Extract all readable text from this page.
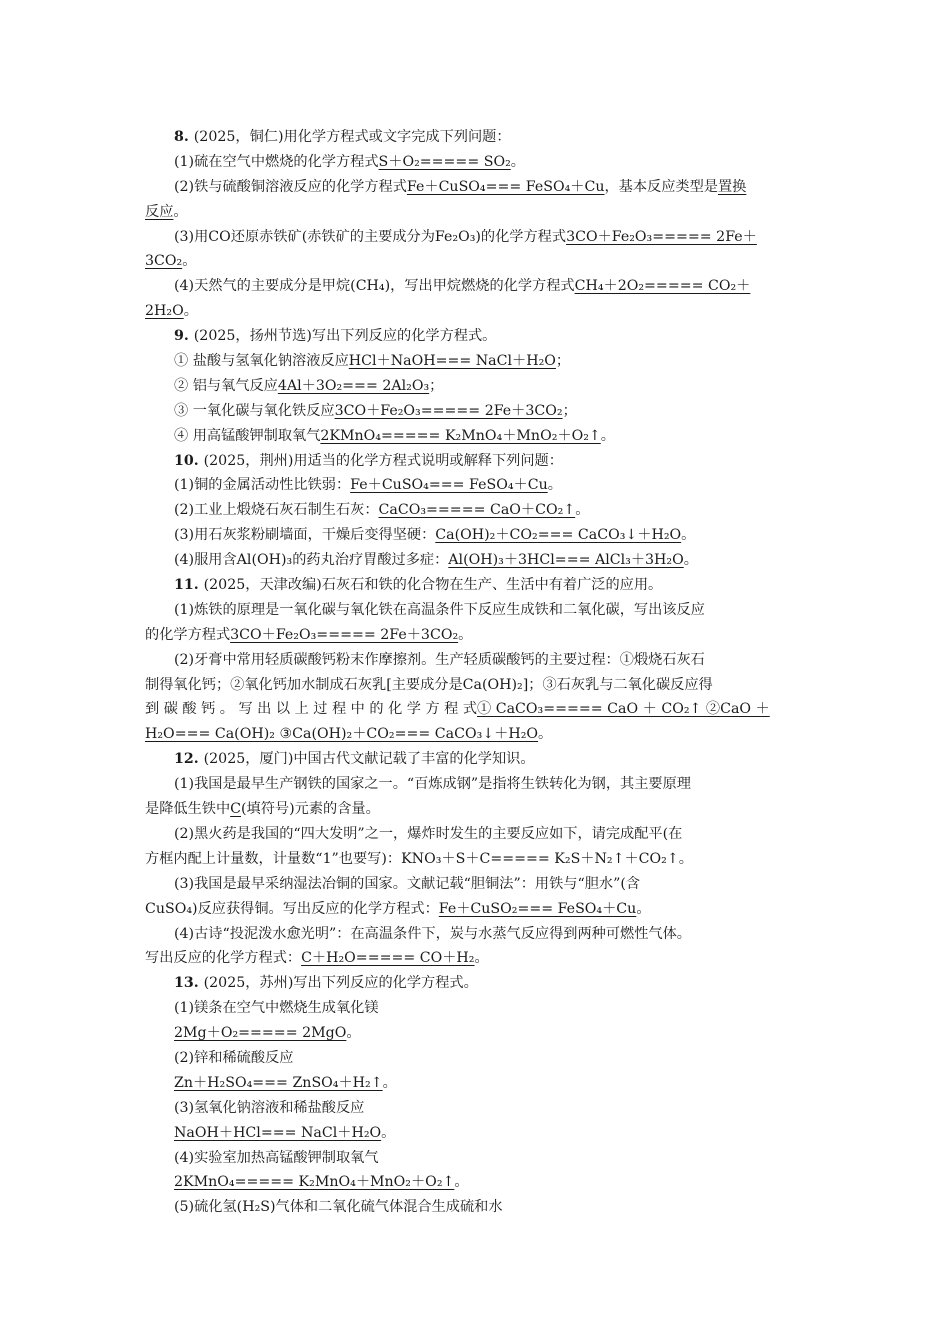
8. (2025，铜仁)用化学方程式或文字完成下列问题：
(1)硫在空气中燃烧的化学方程式S＋O₂===== SO₂。
(2)铁与硫酸铜溶液反应的化学方程式Fe＋CuSO₄=== FeSO₄＋Cu，基本反应类型是置换
反应。
(3)用CO还原赤铁矿(赤铁矿的主要成分为Fe₂O₃)的化学方程式3CO＋Fe₂O₃===== 2Fe＋
3CO₂。
(4)天然气的主要成分是甲烷(CH₄)，写出甲烷燃烧的化学方程式CH₄＋2O₂===== CO₂＋
2H₂O。
9. (2025，扬州节选)写出下列反应的化学方程式。
① 盐酸与氢氧化钠溶液反应HCl＋NaOH=== NaCl＋H₂O；
② 铝与氧气反应4Al＋3O₂=== 2Al₂O₃；
③ 一氧化碳与氧化铁反应3CO＋Fe₂O₃===== 2Fe＋3CO₂；
④ 用高锰酸钾制取氧气2KMnO₄===== K₂MnO₄＋MnO₂＋O₂↑。
10. (2025，荆州)用适当的化学方程式说明或解释下列问题：
(1)铜的金属活动性比铁弱：Fe＋CuSO₄=== FeSO₄＋Cu。
(2)工业上煅烧石灰石制生石灰：CaCO₃===== CaO＋CO₂↑。
(3)用石灰浆粉刷墙面，干燥后变得坚硬：Ca(OH)₂＋CO₂=== CaCO₃↓＋H₂O。
(4)服用含Al(OH)₃的药丸治疗胃酸过多症：Al(OH)₃＋3HCl=== AlCl₃＋3H₂O。
11. (2025，天津改编)石灰石和铁的化合物在生产、生活中有着广泛的应用。
(1)炼铁的原理是一氧化碳与氧化铁在高温条件下反应生成铁和二氧化碳，写出该反应
的化学方程式3CO＋Fe₂O₃===== 2Fe＋3CO₂。
(2)牙膏中常用轻质碳酸钙粉末作摩擦剂。生产轻质碳酸钙的主要过程：①煅烧石灰石
制得氧化钙；②氧化钙加水制成石灰乳[主要成分是Ca(OH)₂]；③石灰乳与二氧化碳反应得
到 碳 酸 钙 。 写 出 以 上 过 程 中 的 化 学 方 程 式① CaCO₃===== CaO ＋ CO₂↑ ②CaO ＋
H₂O=== Ca(OH)₂ ③Ca(OH)₂＋CO₂=== CaCO₃↓＋H₂O。
12. (2025，厦门)中国古代文献记载了丰富的化学知识。
(1)我国是最早生产钢铁的国家之一。“百炼成钢”是指将生铁转化为钢，其主要原理
是降低生铁中C(填符号)元素的含量。
(2)黑火药是我国的“四大发明”之一，爆炸时发生的主要反应如下，请完成配平(在
方框内配上计量数，计量数“1”也要写)：KNO₃＋S＋C===== K₂S＋N₂↑＋CO₂↑。
(3)我国是最早采纳湿法冶铜的国家。文献记载“胆铜法”：用铁与“胆水”(含
CuSO₄)反应获得铜。写出反应的化学方程式：Fe＋CuSO₂=== FeSO₄＋Cu。
(4)古诗“投泥泼水愈光明”：在高温条件下，炭与水蒸气反应得到两种可燃性气体。
写出反应的化学方程式：C＋H₂O===== CO＋H₂。
13. (2025，苏州)写出下列反应的化学方程式。
(1)镁条在空气中燃烧生成氧化镁
2Mg＋O₂===== 2MgO。
(2)锌和稀硫酸反应
Zn＋H₂SO₄=== ZnSO₄＋H₂↑。
(3)氢氧化钠溶液和稀盐酸反应
NaOH＋HCl=== NaCl＋H₂O。
(4)实验室加热高锰酸钾制取氧气
2KMnO₄===== K₂MnO₄＋MnO₂＋O₂↑。
(5)硫化氢(H₂S)气体和二氧化硫气体混合生成硫和水
